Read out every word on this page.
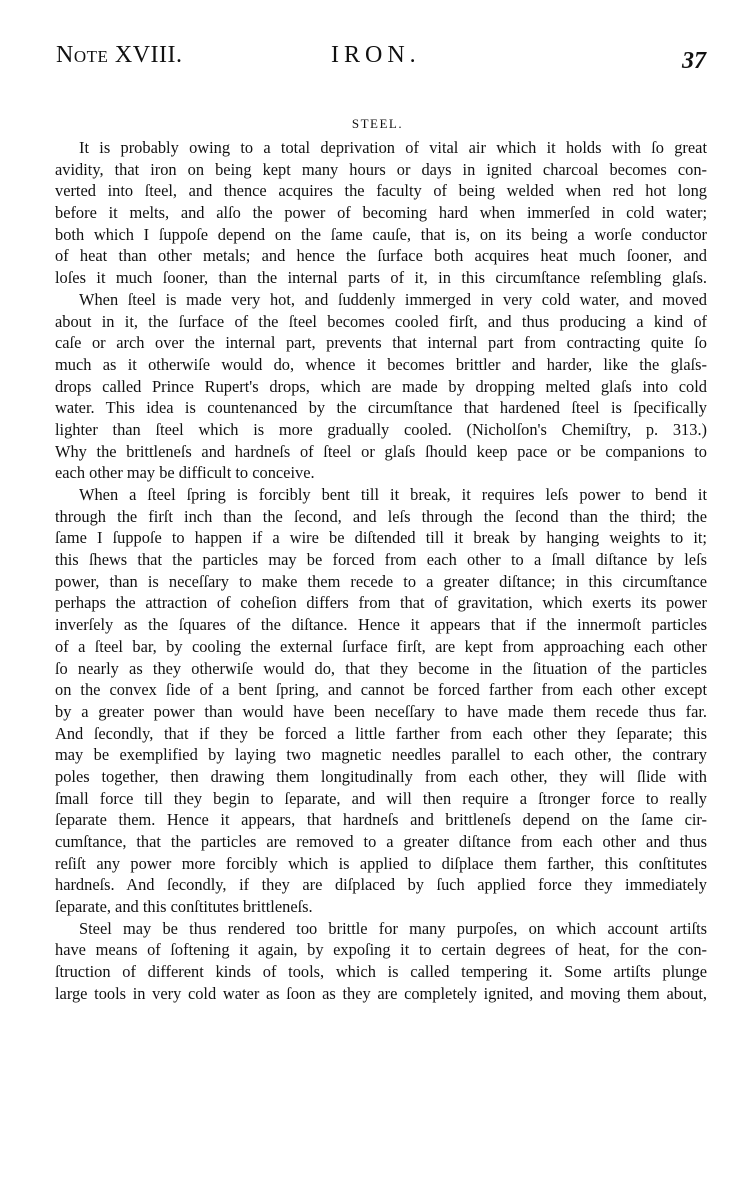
Note XVIII.	IRON.	37
STEEL.
It is probably owing to a total deprivation of vital air which it holds with ſo great
avidity, that iron on being kept many hours or days in ignited charcoal becomes con-
verted into ſteel, and thence acquires the faculty of being welded when red hot long
before it melts, and alſo the power of becoming hard when immerſed in cold water;
both which I ſuppoſe depend on the ſame cauſe, that is, on its being a worſe conductor
of heat than other metals; and hence the ſurface both acquires heat much ſooner, and
loſes it much ſooner, than the internal parts of it, in this circumſtance reſembling glaſs.
When ſteel is made very hot, and ſuddenly immerged in very cold water, and moved
about in it, the ſurface of the ſteel becomes cooled firſt, and thus producing a kind of
caſe or arch over the internal part, prevents that internal part from contracting quite ſo
much as it otherwiſe would do, whence it becomes brittler and harder, like the glaſs-
drops called Prince Rupert's drops, which are made by dropping melted glaſs into cold
water. This idea is countenanced by the circumſtance that hardened ſteel is ſpecifically
lighter than ſteel which is more gradually cooled. (Nicholſon's Chemiſtry, p. 313.)
Why the brittleneſs and hardneſs of ſteel or glaſs ſhould keep pace or be companions to
each other may be difficult to conceive.
When a ſteel ſpring is forcibly bent till it break, it requires leſs power to bend it
through the firſt inch than the ſecond, and leſs through the ſecond than the third; the
ſame I ſuppoſe to happen if a wire be diſtended till it break by hanging weights to it;
this ſhews that the particles may be forced from each other to a ſmall diſtance by leſs
power, than is neceſſary to make them recede to a greater diſtance; in this circumſtance
perhaps the attraction of coheſion differs from that of gravitation, which exerts its power
inverſely as the ſquares of the diſtance. Hence it appears that if the innermoſt particles
of a ſteel bar, by cooling the external ſurface firſt, are kept from approaching each other
ſo nearly as they otherwiſe would do, that they become in the ſituation of the particles
on the convex ſide of a bent ſpring, and cannot be forced farther from each other except
by a greater power than would have been neceſſary to have made them recede thus far.
And ſecondly, that if they be forced a little farther from each other they ſeparate; this
may be exemplified by laying two magnetic needles parallel to each other, the contrary
poles together, then drawing them longitudinally from each other, they will ſlide with
ſmall force till they begin to ſeparate, and will then require a ſtronger force to really
ſeparate them. Hence it appears, that hardneſs and brittleneſs depend on the ſame cir-
cumſtance, that the particles are removed to a greater diſtance from each other and thus
reſiſt any power more forcibly which is applied to diſplace them farther, this conſtitutes
hardneſs. And ſecondly, if they are diſplaced by ſuch applied force they immediately
ſeparate, and this conſtitutes brittleneſs.
Steel may be thus rendered too brittle for many purpoſes, on which account artiſts
have means of ſoftening it again, by expoſing it to certain degrees of heat, for the con-
ſtruction of different kinds of tools, which is called tempering it. Some artiſts plunge
large tools in very cold water as ſoon as they are completely ignited, and moving them about,
